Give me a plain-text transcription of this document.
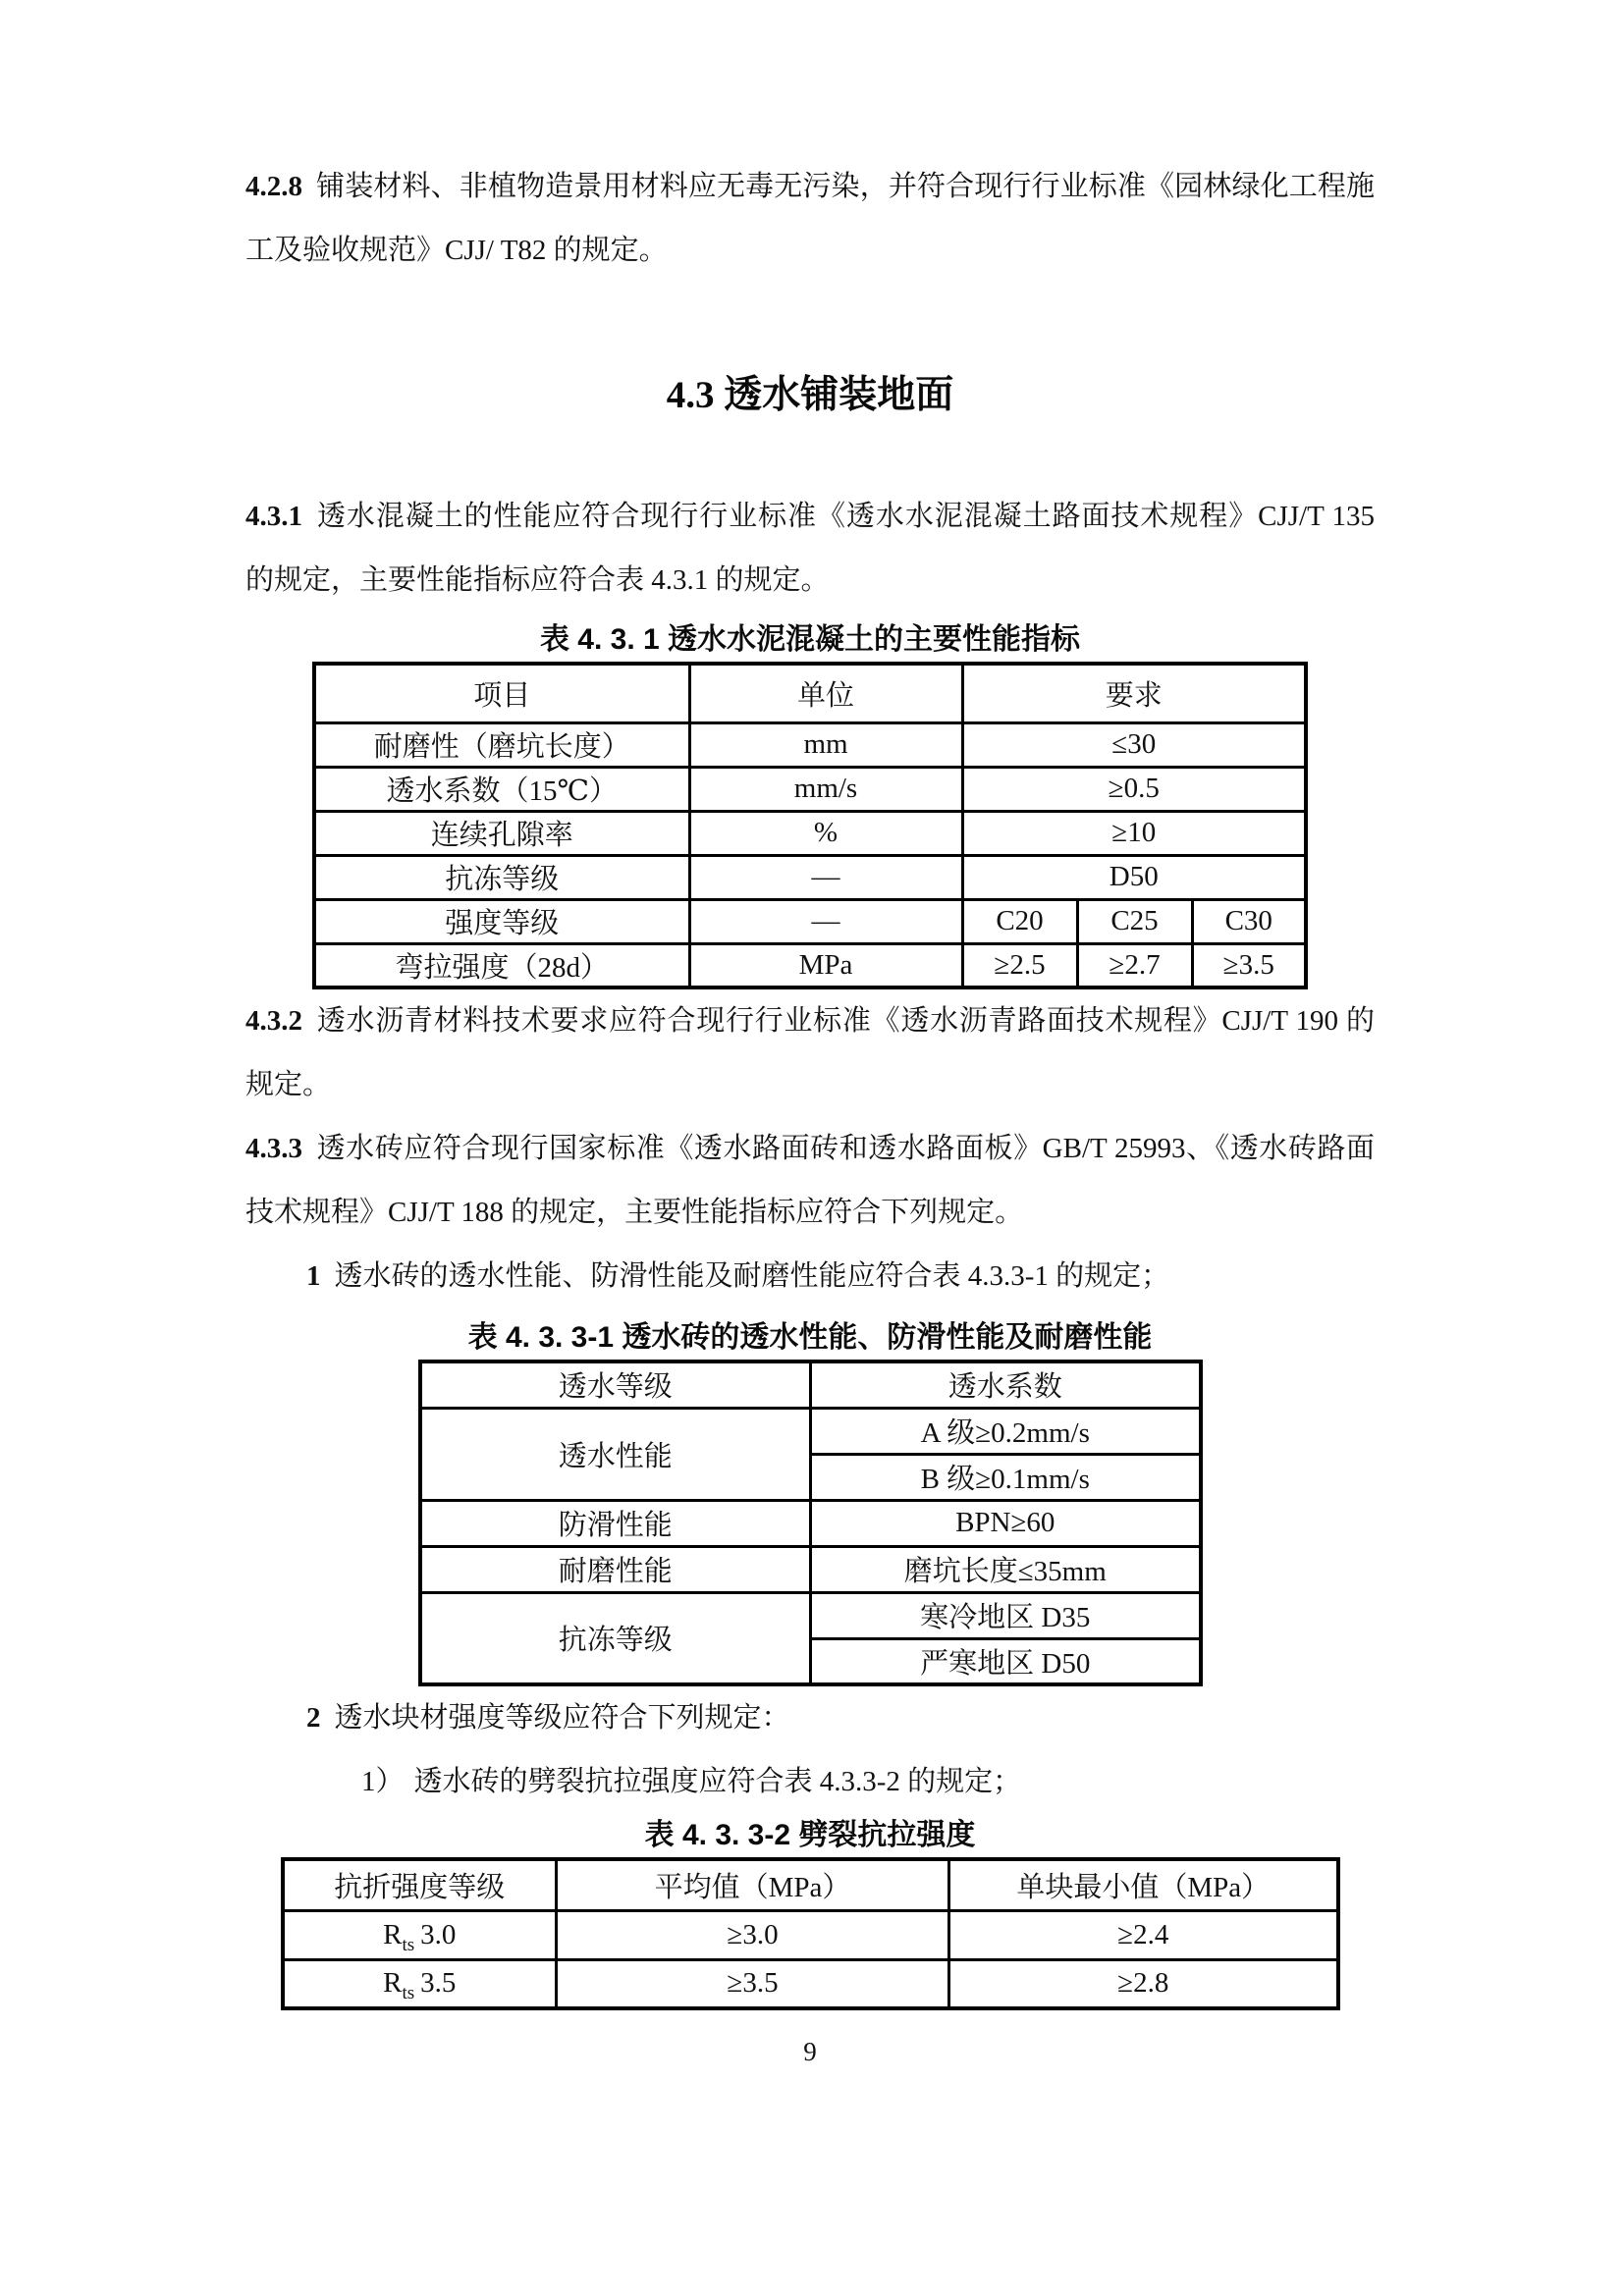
4.2.8 铺装材料、非植物造景用材料应无毒无污染，并符合现行行业标准《园林绿化工程施工及验收规范》CJJ/ T82 的规定。

4.3 透水铺装地面

4.3.1 透水混凝土的性能应符合现行行业标准《透水水泥混凝土路面技术规程》CJJ/T 135 的规定，主要性能指标应符合表 4.3.1 的规定。

表 4. 3. 1 透水水泥混凝土的主要性能指标
项目	单位	要求		
耐磨性（磨坑长度）	mm	≤30		
透水系数（15℃）	mm/s	≥0.5		
连续孔隙率	%	≥10		
抗冻等级	—	D50		
强度等级	—	C20	C25	C30
弯拉强度（28d）	MPa	≥2.5	≥2.7	≥3.5

4.3.2 透水沥青材料技术要求应符合现行行业标准《透水沥青路面技术规程》CJJ/T 190 的规定。

4.3.3 透水砖应符合现行国家标准《透水路面砖和透水路面板》GB/T 25993、《透水砖路面技术规程》CJJ/T 188 的规定，主要性能指标应符合下列规定。

1 透水砖的透水性能、防滑性能及耐磨性能应符合表 4.3.3-1 的规定；

表 4. 3. 3-1 透水砖的透水性能、防滑性能及耐磨性能
透水等级	透水系数
透水性能	A 级≥0.2mm/s
	B 级≥0.1mm/s
防滑性能	BPN≥60
耐磨性能	磨坑长度≤35mm
抗冻等级	寒冷地区 D35
	严寒地区 D50

2 透水块材强度等级应符合下列规定：

1） 透水砖的劈裂抗拉强度应符合表 4.3.3-2 的规定；

表 4. 3. 3-2 劈裂抗拉强度
抗折强度等级	平均值（MPa）	单块最小值（MPa）
$R_{ts}$ 3.0	≥3.0	≥2.4
$R_{ts}$ 3.5	≥3.5	≥2.8
9
